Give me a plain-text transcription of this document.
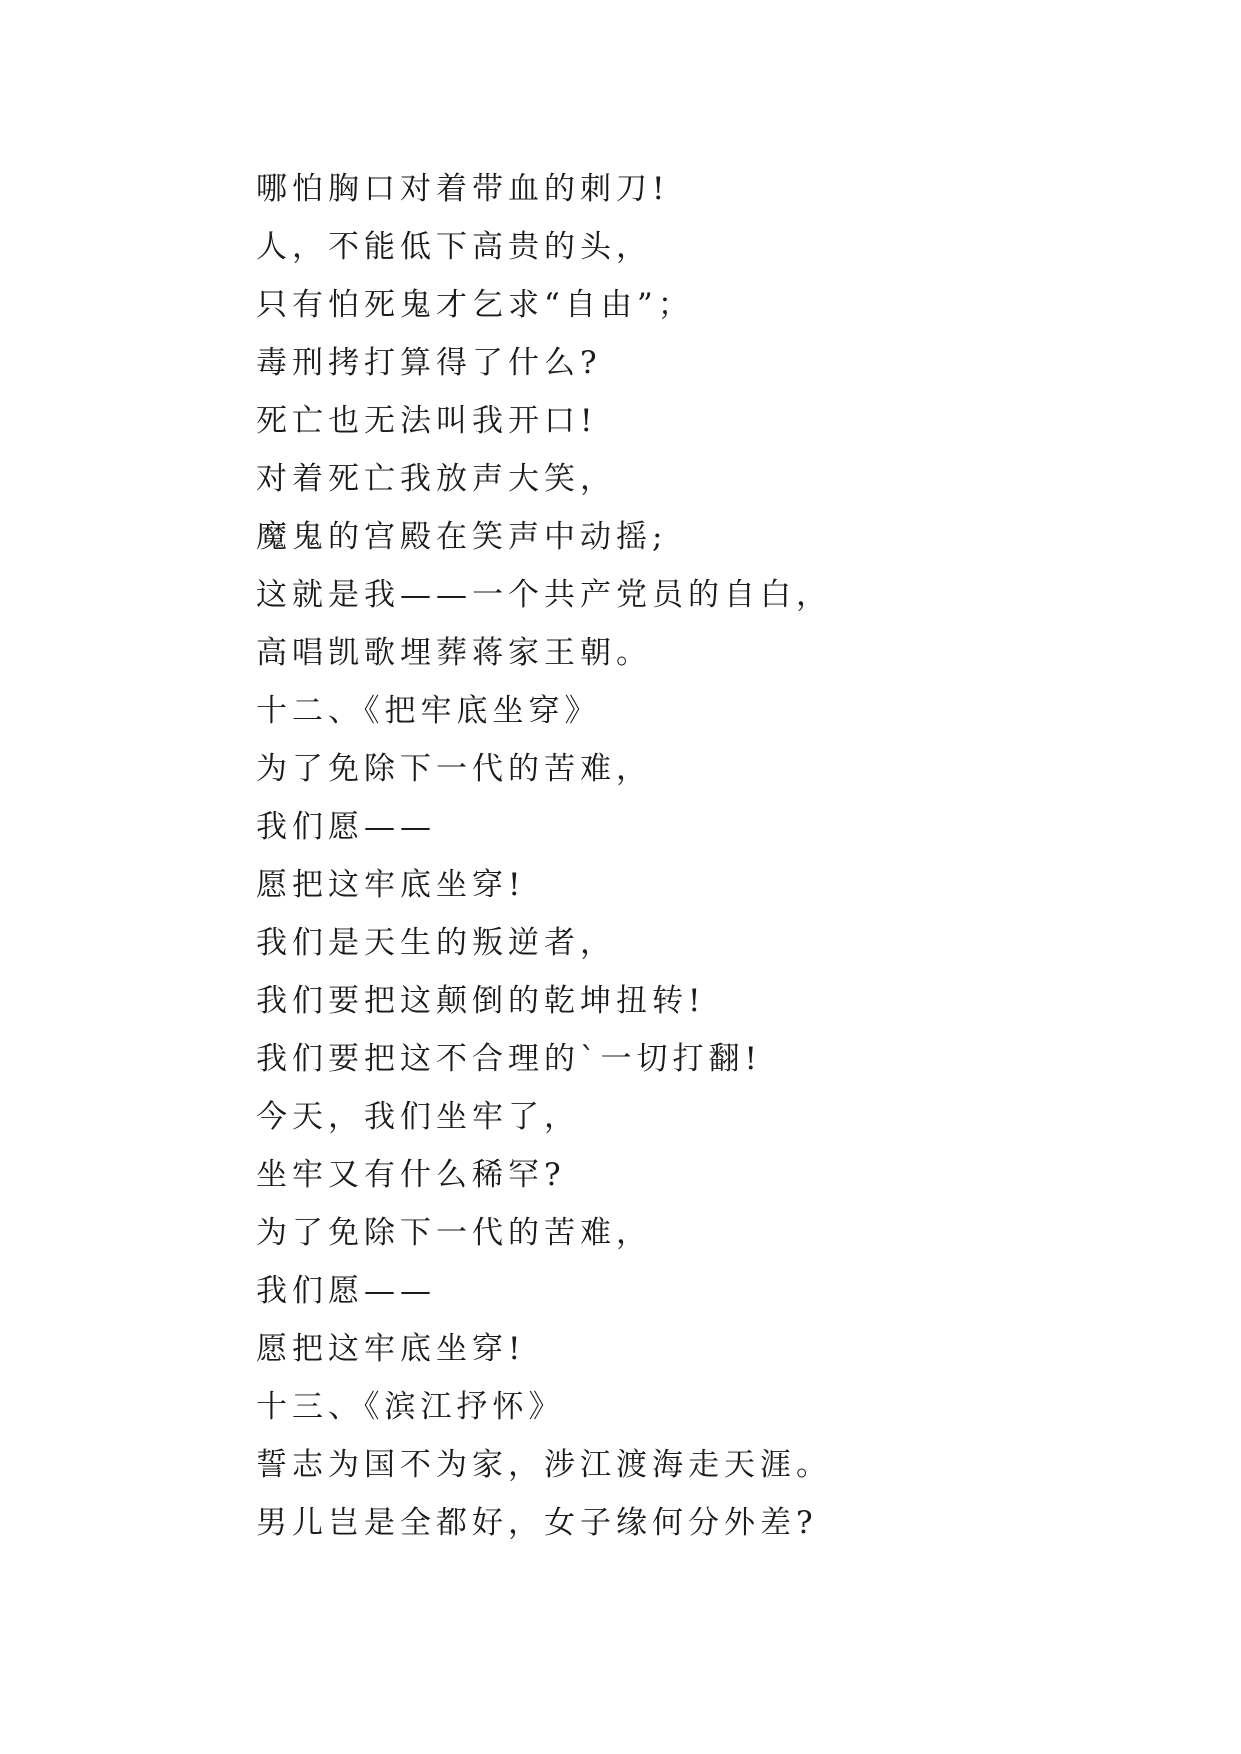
哪怕胸口对着带血的刺刀!
人，不能低下高贵的头，
只有怕死鬼才乞求“自由”；
毒刑拷打算得了什么?
死亡也无法叫我开口!
对着死亡我放声大笑，
魔鬼的宫殿在笑声中动摇;
这就是我——一个共产党员的自白，
高唱凯歌埋葬蒋家王朝。
十二、《把牢底坐穿》
为了免除下一代的苦难，
我们愿——
愿把这牢底坐穿!
我们是天生的叛逆者，
我们要把这颠倒的乾坤扭转!
我们要把这不合理的`一切打翻!
今天，我们坐牢了，
坐牢又有什么稀罕?
为了免除下一代的苦难，
我们愿——
愿把这牢底坐穿!
十三、《滨江抒怀》
誓志为国不为家，涉江渡海走天涯。
男儿岂是全都好，女子缘何分外差?
